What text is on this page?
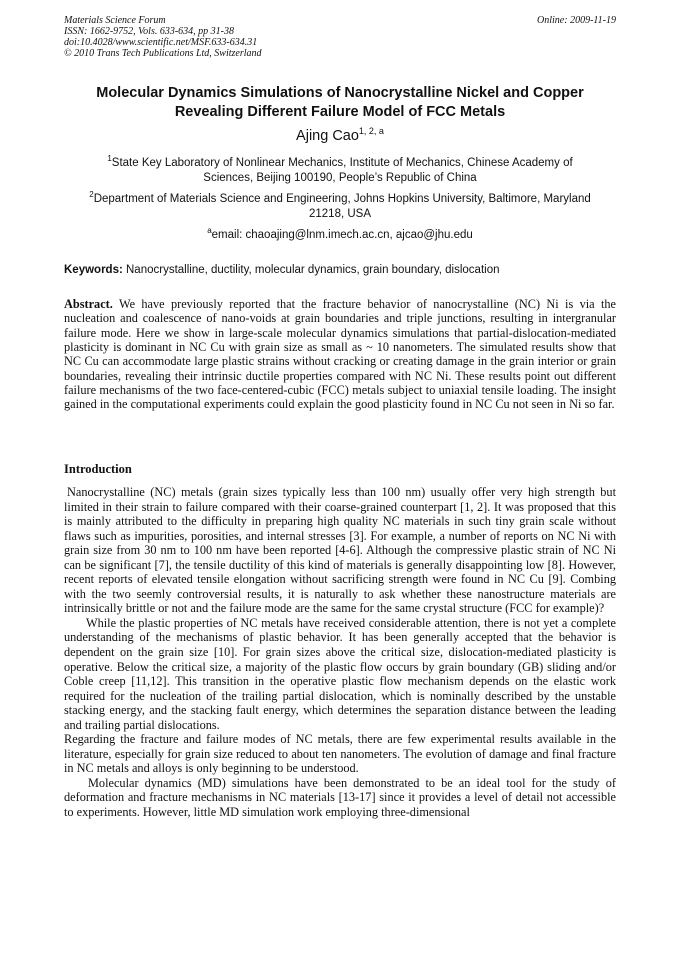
Materials Science Forum
ISSN: 1662-9752, Vols. 633-634, pp 31-38
doi:10.4028/www.scientific.net/MSF.633-634.31
© 2010 Trans Tech Publications Ltd, Switzerland
Online: 2009-11-19
Molecular Dynamics Simulations of Nanocrystalline Nickel and Copper
Revealing Different Failure Model of FCC Metals
Ajing Cao$^{1, 2, a}$
$^1$State Key Laboratory of Nonlinear Mechanics, Institute of Mechanics, Chinese Academy of
Sciences, Beijing 100190, People’s Republic of China
$^2$Department of Materials Science and Engineering, Johns Hopkins University, Baltimore, Maryland
21218, USA
$^a$email: chaoajing@lnm.imech.ac.cn, ajcao@jhu.edu
Keywords: Nanocrystalline, ductility, molecular dynamics, grain boundary, dislocation
Abstract. We have previously reported that the fracture behavior of nanocrystalline (NC) Ni is via the nucleation and coalescence of nano-voids at grain boundaries and triple junctions, resulting in intergranular failure mode. Here we show in large-scale molecular dynamics simulations that partial-dislocation-mediated plasticity is dominant in NC Cu with grain size as small as ~ 10 nanometers. The simulated results show that NC Cu can accommodate large plastic strains without cracking or creating damage in the grain interior or grain boundaries, revealing their intrinsic ductile properties compared with NC Ni. These results point out different failure mechanisms of the two face-centered-cubic (FCC) metals subject to uniaxial tensile loading. The insight gained in the computational experiments could explain the good plasticity found in NC Cu not seen in Ni so far.
Introduction

Nanocrystalline (NC) metals (grain sizes typically less than 100 nm) usually offer very high strength but limited in their strain to failure compared with their coarse-grained counterpart [1, 2]. It was proposed that this is mainly attributed to the difficulty in preparing high quality NC materials in such tiny grain scale without flaws such as impurities, porosities, and internal stresses [3]. For example, a number of reports on NC Ni with grain size from 30 nm to 100 nm have been reported [4-6]. Although the compressive plastic strain of NC Ni can be significant [7], the tensile ductility of this kind of materials is generally disappointing low [8]. However, recent reports of elevated tensile elongation without sacrificing strength were found in NC Cu [9]. Combing with the two seemly controversial results, it is naturally to ask whether these nanostructure materials are intrinsically brittle or not and the failure mode are the same for the same crystal structure (FCC for example)?

While the plastic properties of NC metals have received considerable attention, there is not yet a complete understanding of the mechanisms of plastic behavior. It has been generally accepted that the behavior is dependent on the grain size [10]. For grain sizes above the critical size, dislocation-mediated plasticity is operative. Below the critical size, a majority of the plastic flow occurs by grain boundary (GB) sliding and/or Coble creep [11,12]. This transition in the operative plastic flow mechanism depends on the elastic work required for the nucleation of the trailing partial dislocation, which is nominally described by the unstable stacking energy, and the stacking fault energy, which determines the separation distance between the leading and trailing partial dislocations.

Regarding the fracture and failure modes of NC metals, there are few experimental results available in the literature, especially for grain size reduced to about ten nanometers. The evolution of damage and final fracture in NC metals and alloys is only beginning to be understood.

Molecular dynamics (MD) simulations have been demonstrated to be an ideal tool for the study of deformation and fracture mechanisms in NC materials [13-17] since it provides a level of detail not accessible to experiments. However, little MD simulation work employing three-dimensional
